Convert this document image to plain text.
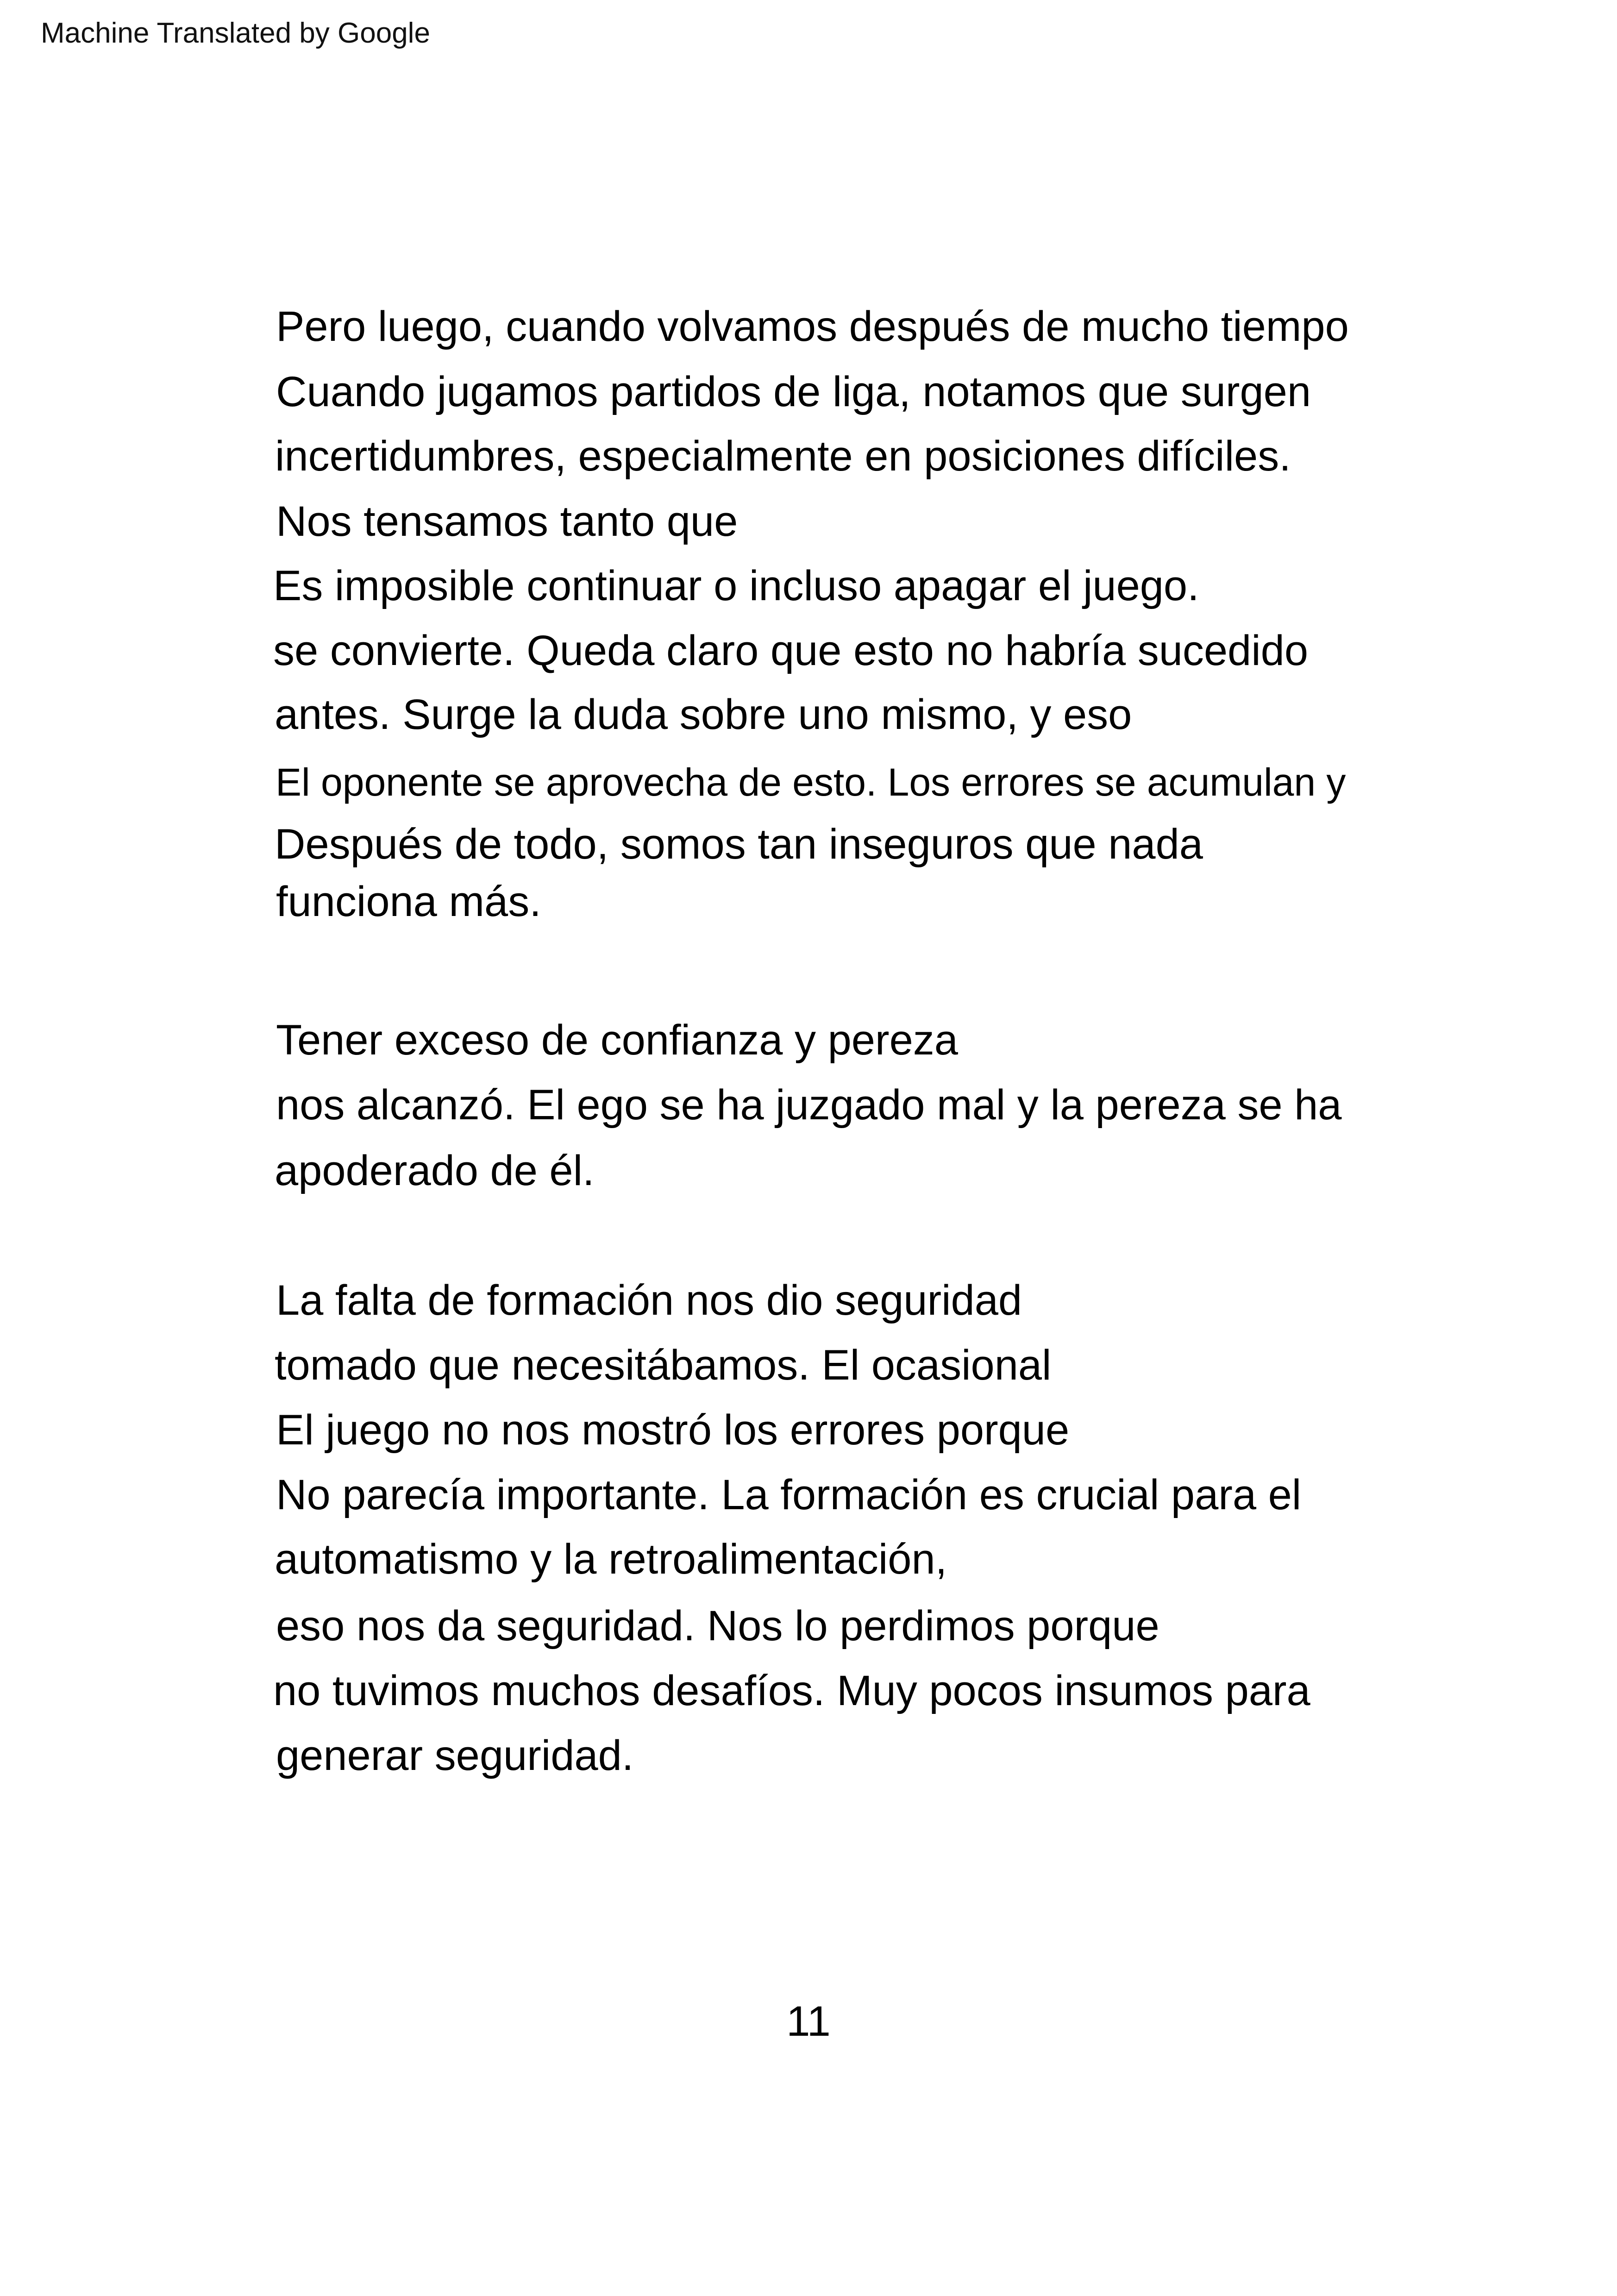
Machine Translated by Google
Pero luego, cuando volvamos después de mucho tiempo
Cuando jugamos partidos de liga, notamos que surgen
incertidumbres, especialmente en posiciones difíciles.
Nos tensamos tanto que
Es imposible continuar o incluso apagar el juego.
se convierte. Queda claro que esto no habría sucedido
antes. Surge la duda sobre uno mismo, y eso
El oponente se aprovecha de esto. Los errores se acumulan y
Después de todo, somos tan inseguros que nada
funciona más.
Tener exceso de confianza y pereza
nos alcanzó. El ego se ha juzgado mal y la pereza se ha
apoderado de él.
La falta de formación nos dio seguridad
tomado que necesitábamos. El ocasional
El juego no nos mostró los errores porque
No parecía importante. La formación es crucial para el
automatismo y la retroalimentación,
eso nos da seguridad. Nos lo perdimos porque
no tuvimos muchos desafíos. Muy pocos insumos para
generar seguridad.
11
